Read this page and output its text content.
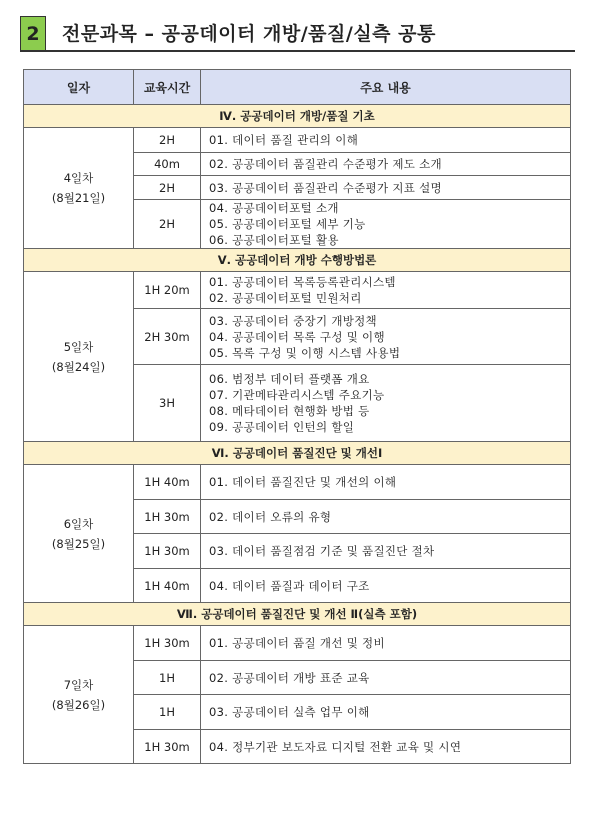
2	전문과목 – 공공데이터 개방/품질/실측 공통
일자	교육시간	주요 내용
Ⅳ. 공공데이터 개방/품질 기초		

4일차
(8월21일)	2H	01. 데이터 품질 관리의 이해

	40m	02. 공공데이터 품질관리 수준평가 제도 소개

	2H	03. 공공데이터 품질관리 수준평가 지표 설명

	2H	04. 공공데이터포털 소개
05. 공공데이터포털 세부 기능
06. 공공데이터포털 활용

Ⅴ. 공공데이터 개방 수행방법론		

5일차
(8월24일)	1H 20m	01. 공공데이터 목록등록관리시스템
02. 공공데이터포털 민원처리

	2H 30m	03. 공공데이터 중장기 개방정책
04. 공공데이터 목록 구성 및 이행
05. 목록 구성 및 이행 시스템 사용법

	3H	06. 범정부 데이터 플랫폼 개요
07. 기관메타관리시스템 주요기능
08. 메타데이터 현행화 방법 등
09. 공공데이터 인턴의 할일

Ⅵ. 공공데이터 품질진단 및 개선Ⅰ		

6일차
(8월25일)	1H 40m	01. 데이터 품질진단 및 개선의 이해

	1H 30m	02. 데이터 오류의 유형

	1H 30m	03. 데이터 품질점검 기준 및 품질진단 절차

	1H 40m	04. 데이터 품질과 데이터 구조

Ⅶ. 공공데이터 품질진단 및 개선 Ⅱ(실측 포함)		

7일차
(8월26일)	1H 30m	01. 공공데이터 품질 개선 및 정비

	1H	02. 공공데이터 개방 표준 교육

	1H	03. 공공데이터 실측 업무 이해

	1H 30m	04. 정부기관 보도자료 디지털 전환 교육 및 시연
